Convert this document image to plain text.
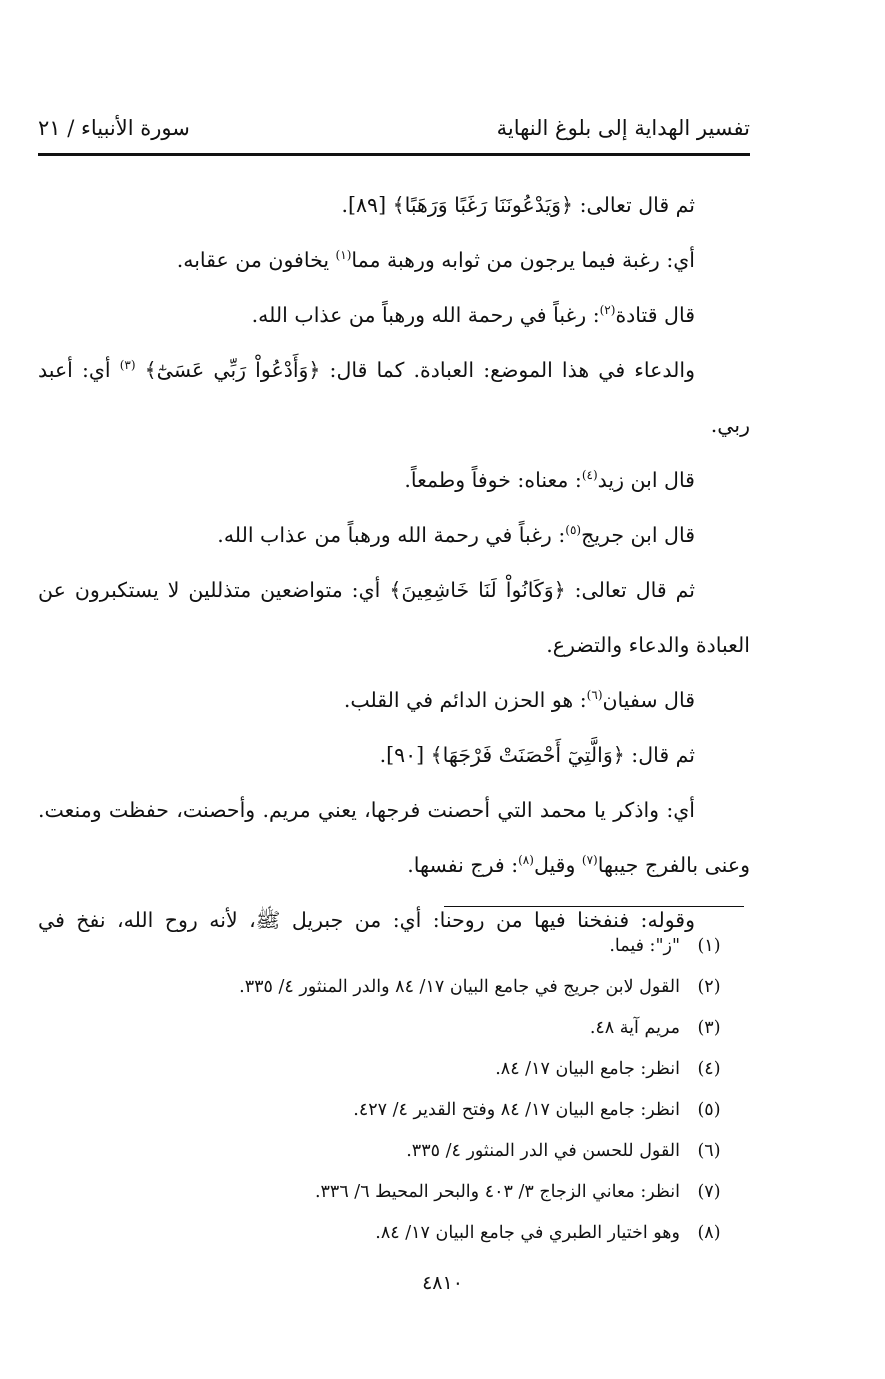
تفسير الهداية إلى بلوغ النهاية
سورة الأنبياء / ٢١

ثم قال تعالى: ﴿وَيَدْعُونَنَا رَغَبًا وَرَهَبًا﴾ [٨٩].

أي: رغبة فيما يرجون من ثوابه ورهبة مما$^{(١)}$ يخافون من عقابه.

قال قتادة$^{(٢)}$: رغباً في رحمة الله ورهباً من عذاب الله.

والدعاء في هذا الموضع: العبادة. كما قال: ﴿وَأَدْعُواْ رَبِّي عَسَىٰٓ﴾ $^{(٣)}$ أي: أعبد ربي.

قال ابن زيد$^{(٤)}$: معناه: خوفاً وطمعاً.

قال ابن جريج$^{(٥)}$: رغباً في رحمة الله ورهباً من عذاب الله.

ثم قال تعالى: ﴿وَكَانُواْ لَنَا خَاشِعِينَ﴾ أي: متواضعين متذللين لا يستكبرون عن العبادة والدعاء والتضرع.

قال سفيان$^{(٦)}$: هو الحزن الدائم في القلب.

ثم قال: ﴿وَالَّتِيٓ أَحْصَنَتْ فَرْجَهَا﴾ [٩٠].

أي: واذكر يا محمد التي أحصنت فرجها، يعني مريم. وأحصنت، حفظت ومنعت. وعنى بالفرج جيبها$^{(٧)}$ وقيل$^{(٨)}$: فرج نفسها.

وقوله: فنفخنا فيها من روحنا: أي: من جبريل ﷺ، لأنه روح الله، نفخ في

(١)"ز": فيما.
(٢)القول لابن جريج في جامع البيان ١٧/ ٨٤ والدر المنثور ٤/ ٣٣٥.
(٣)مريم آية ٤٨.
(٤)انظر: جامع البيان ١٧/ ٨٤.
(٥)انظر: جامع البيان ١٧/ ٨٤ وفتح القدير ٤/ ٤٢٧.
(٦)القول للحسن في الدر المنثور ٤/ ٣٣٥.
(٧)انظر: معاني الزجاج ٣/ ٤٠٣ والبحر المحيط ٦/ ٣٣٦.
(٨)وهو اختيار الطبري في جامع البيان ١٧/ ٨٤.
٤٨١٠
